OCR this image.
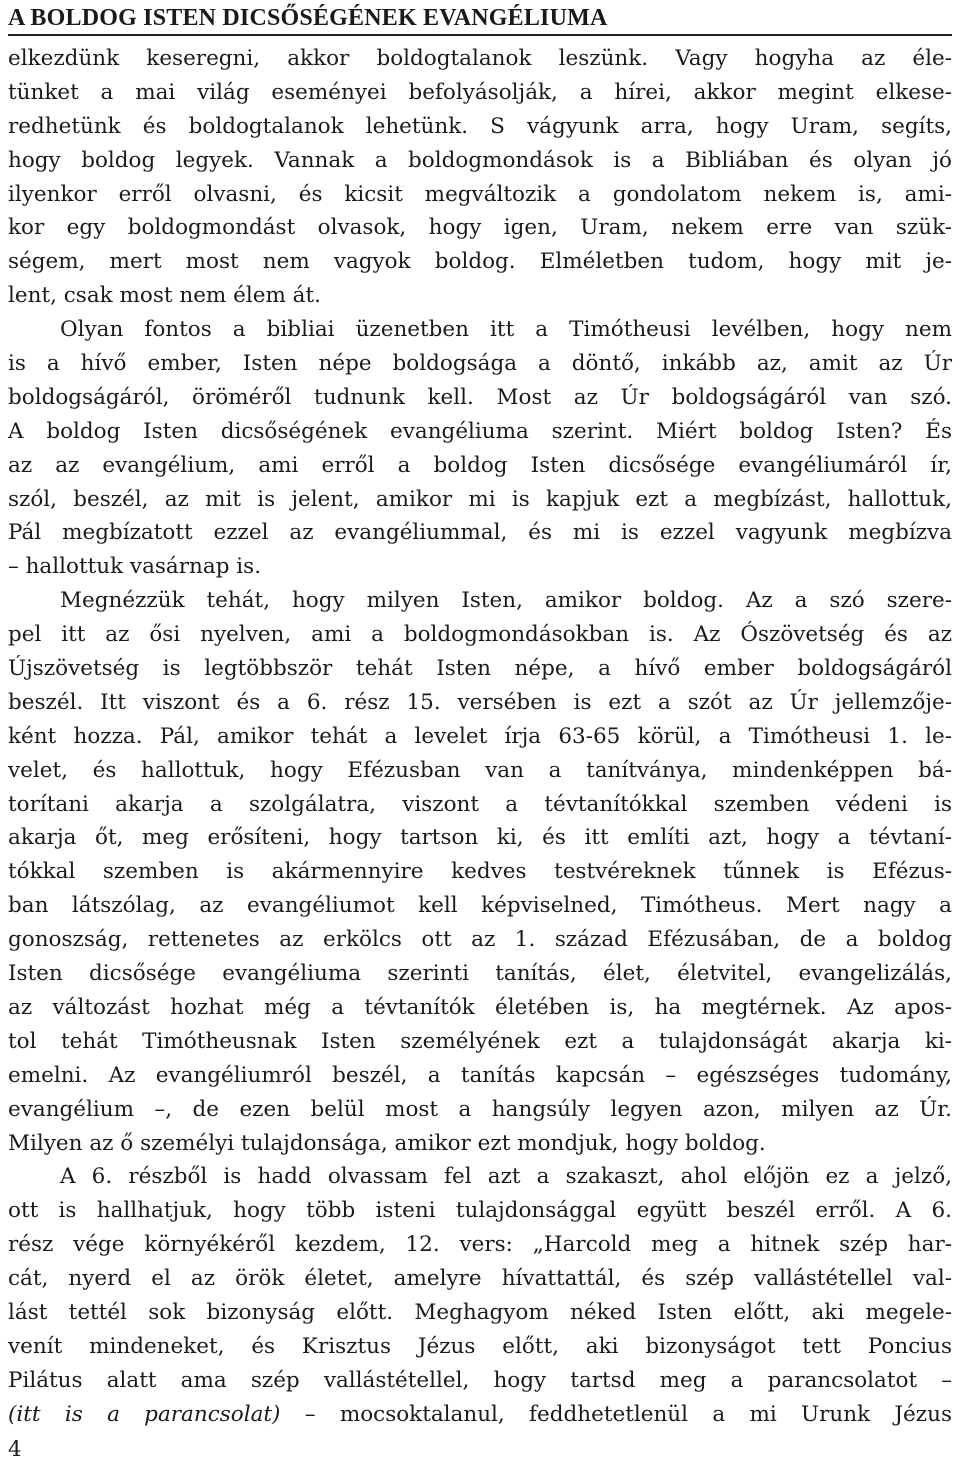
A BOLDOG ISTEN DICSŐSÉGÉNEK EVANGÉLIUMA
elkezdünk keseregni, akkor boldogtalanok leszünk. Vagy hogyha az éle-
tünket a mai világ eseményei befolyásolják, a hírei, akkor megint elkese-
redhetünk és boldogtalanok lehetünk. S vágyunk arra, hogy Uram, segíts,
hogy boldog legyek. Vannak a boldogmondások is a Bibliában és olyan jó
ilyenkor erről olvasni, és kicsit megváltozik a gondolatom nekem is, ami-
kor egy boldogmondást olvasok, hogy igen, Uram, nekem erre van szük-
ségem, mert most nem vagyok boldog. Elméletben tudom, hogy mit je-
lent, csak most nem élem át.
Olyan fontos a bibliai üzenetben itt a Timótheusi levélben, hogy nem
is a hívő ember, Isten népe boldogsága a döntő, inkább az, amit az Úr
boldogságáról, öröméről tudnunk kell. Most az Úr boldogságáról van szó.
A boldog Isten dicsőségének evangéliuma szerint. Miért boldog Isten? És
az az evangélium, ami erről a boldog Isten dicsősége evangéliumáról ír,
szól, beszél, az mit is jelent, amikor mi is kapjuk ezt a megbízást, hallottuk,
Pál megbízatott ezzel az evangéliummal, és mi is ezzel vagyunk megbízva
– hallottuk vasárnap is.
Megnézzük tehát, hogy milyen Isten, amikor boldog. Az a szó szere-
pel itt az ősi nyelven, ami a boldogmondásokban is. Az Ószövetség és az
Újszövetség is legtöbbször tehát Isten népe, a hívő ember boldogságáról
beszél. Itt viszont és a 6. rész 15. versében is ezt a szót az Úr jellemzője-
ként hozza. Pál, amikor tehát a levelet írja 63-65 körül, a Timótheusi 1. le-
velet, és hallottuk, hogy Efézusban van a tanítványa, mindenképpen bá-
torítani akarja a szolgálatra, viszont a tévtanítókkal szemben védeni is
akarja őt, meg erősíteni, hogy tartson ki, és itt említi azt, hogy a tévtaní-
tókkal szemben is akármennyire kedves testvéreknek tűnnek is Efézus-
ban látszólag, az evangéliumot kell képviselned, Timótheus. Mert nagy a
gonoszság, rettenetes az erkölcs ott az 1. század Efézusában, de a boldog
Isten dicsősége evangéliuma szerinti tanítás, élet, életvitel, evangelizálás,
az változást hozhat még a tévtanítók életében is, ha megtérnek. Az apos-
tol tehát Timótheusnak Isten személyének ezt a tulajdonságát akarja ki-
emelni. Az evangéliumról beszél, a tanítás kapcsán – egészséges tudomány,
evangélium –, de ezen belül most a hangsúly legyen azon, milyen az Úr.
Milyen az ő személyi tulajdonsága, amikor ezt mondjuk, hogy boldog.
A 6. részből is hadd olvassam fel azt a szakaszt, ahol előjön ez a jelző,
ott is hallhatjuk, hogy több isteni tulajdonsággal együtt beszél erről. A 6.
rész vége környékéről kezdem, 12. vers: „Harcold meg a hitnek szép har-
cát, nyerd el az örök életet, amelyre hívattattál, és szép vallástétellel val-
lást tettél sok bizonyság előtt. Meghagyom néked Isten előtt, aki megele-
venít mindeneket, és Krisztus Jézus előtt, aki bizonyságot tett Poncius
Pilátus alatt ama szép vallástétellel, hogy tartsd meg a parancsolatot –
(itt is a parancsolat) – mocsoktalanul, feddhetetlenül a mi Urunk Jézus
4
